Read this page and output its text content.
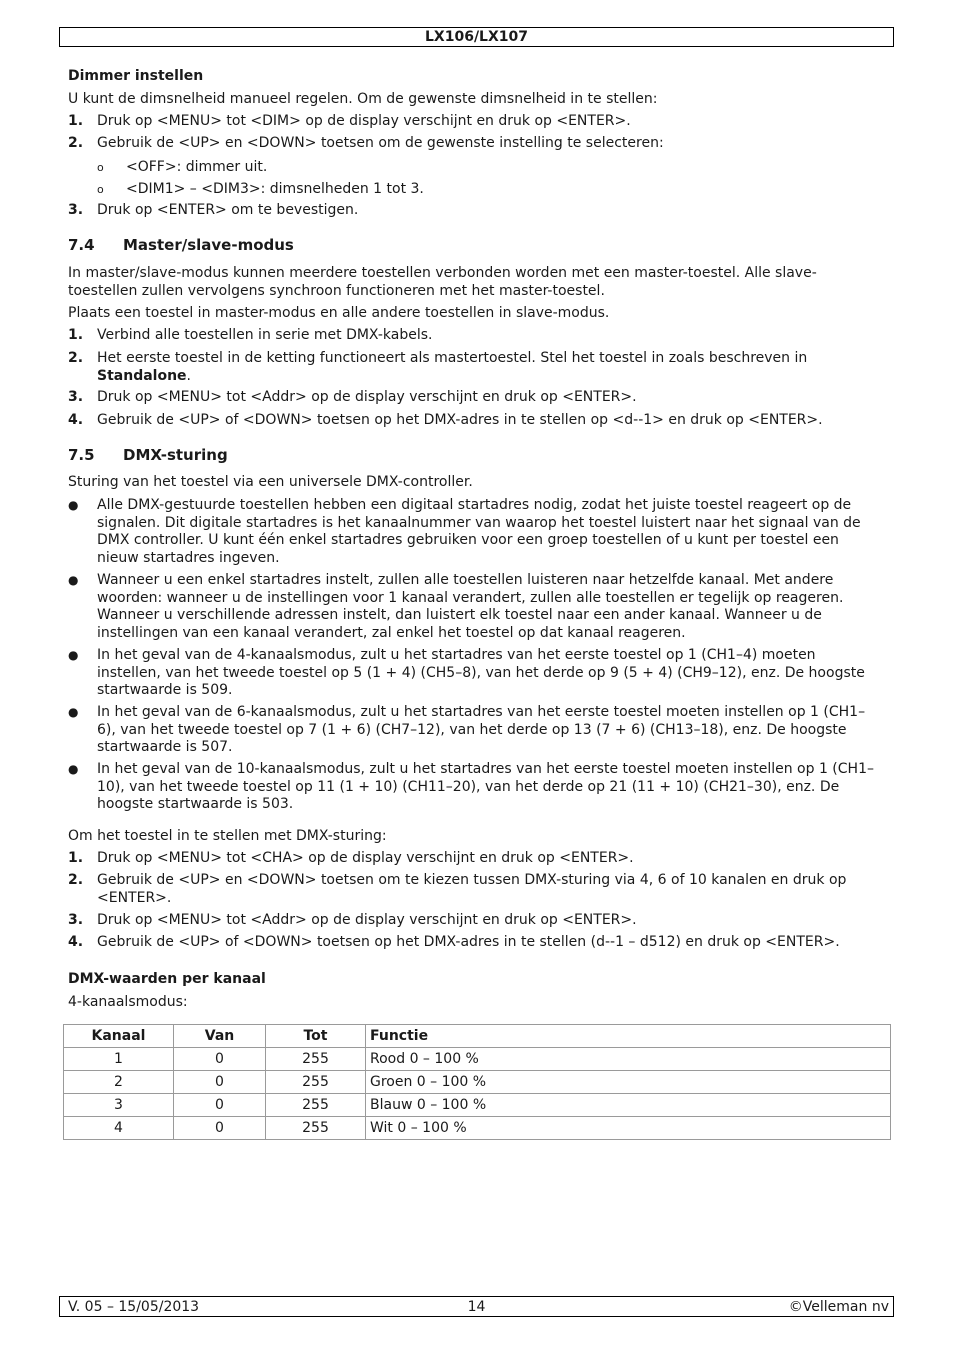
LX106/LX107

Dimmer instellen

U kunt de dimsnelheid manueel regelen. Om de gewenste dimsnelheid in te stellen:

1. Druk op <MENU> tot <DIM> op de display verschijnt en druk op <ENTER>.
2. Gebruik de <UP> en <DOWN> toetsen om de gewenste instelling te selecteren:
o <OFF>: dimmer uit.
o <DIM1> – <DIM3>: dimsnelheden 1 tot 3.
3. Druk op <ENTER> om te bevestigen.
7.4 Master/slave-modus

In master/slave-modus kunnen meerdere toestellen verbonden worden met een master-toestel. Alle slave-toestellen zullen vervolgens synchroon functioneren met het master-toestel.

Plaats een toestel in master-modus en alle andere toestellen in slave-modus.

1. Verbind alle toestellen in serie met DMX-kabels.
2. Het eerste toestel in de ketting functioneert als mastertoestel. Stel het toestel in zoals beschreven in Standalone.
3. Druk op <MENU> tot <Addr> op de display verschijnt en druk op <ENTER>.
4. Gebruik de <UP> of <DOWN> toetsen op het DMX-adres in te stellen op <d--1> en druk op <ENTER>.
7.5 DMX-sturing

Sturing van het toestel via een universele DMX-controller.

● Alle DMX-gestuurde toestellen hebben een digitaal startadres nodig, zodat het juiste toestel reageert op de signalen. Dit digitale startadres is het kanaalnummer van waarop het toestel luistert naar het signaal van de DMX controller. U kunt één enkel startadres gebruiken voor een groep toestellen of u kunt per toestel een nieuw startadres ingeven.
● Wanneer u een enkel startadres instelt, zullen alle toestellen luisteren naar hetzelfde kanaal. Met andere woorden: wanneer u de instellingen voor 1 kanaal verandert, zullen alle toestellen er tegelijk op reageren. Wanneer u verschillende adressen instelt, dan luistert elk toestel naar een ander kanaal. Wanneer u de instellingen van een kanaal verandert, zal enkel het toestel op dat kanaal reageren.
● In het geval van de 4-kanaalsmodus, zult u het startadres van het eerste toestel op 1 (CH1–4) moeten instellen, van het tweede toestel op 5 (1 + 4) (CH5–8), van het derde op 9 (5 + 4) (CH9–12), enz. De hoogste startwaarde is 509.
● In het geval van de 6-kanaalsmodus, zult u het startadres van het eerste toestel moeten instellen op 1 (CH1–6), van het tweede toestel op 7 (1 + 6) (CH7–12), van het derde op 13 (7 + 6) (CH13–18), enz. De hoogste startwaarde is 507.
● In het geval van de 10-kanaalsmodus, zult u het startadres van het eerste toestel moeten instellen op 1 (CH1–10), van het tweede toestel op 11 (1 + 10) (CH11–20), van het derde op 21 (11 + 10) (CH21–30), enz. De hoogste startwaarde is 503.

Om het toestel in te stellen met DMX-sturing:

1. Druk op <MENU> tot <CHA> op de display verschijnt en druk op <ENTER>.
2. Gebruik de <UP> en <DOWN> toetsen om te kiezen tussen DMX-sturing via 4, 6 of 10 kanalen en druk op <ENTER>.
3. Druk op <MENU> tot <Addr> op de display verschijnt en druk op <ENTER>.
4. Gebruik de <UP> of <DOWN> toetsen op het DMX-adres in te stellen (d--1 – d512) en druk op <ENTER>.

DMX-waarden per kanaal

4-kanaalsmodus:

Kanaal	Van	Tot	Functie
1	0	255	Rood 0 – 100 %
2	0	255	Groen 0 – 100 %
3	0	255	Blauw 0 – 100 %
4	0	255	Wit 0 – 100 %
V. 05 – 15/05/2013	14	©Velleman nv
